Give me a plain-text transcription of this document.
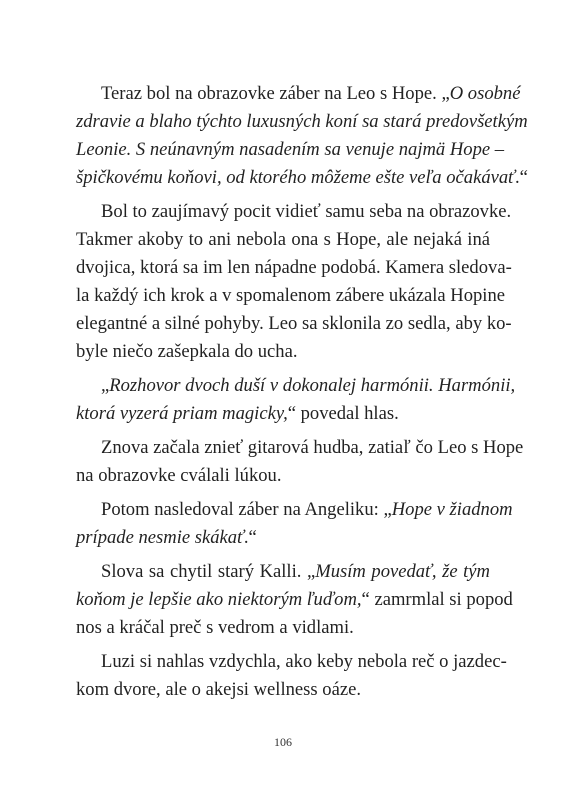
Teraz bol na obrazovke záber na Leo s Hope. „O osobné

zdravie a blaho týchto luxusných koní sa stará predovšetkým

Leonie. S neúnavným nasadením sa venuje najmä Hope –

špičkovému koňovi, od ktorého môžeme ešte veľa očakávať.“

Bol to zaujímavý pocit vidieť samu seba na obrazovke.

Takmer akoby to ani nebola ona s Hope, ale nejaká iná

dvojica, ktorá sa im len nápadne podobá. Kamera sledova-

la každý ich krok a v spomalenom zábere ukázala Hopine

elegantné a silné pohyby. Leo sa sklonila zo sedla, aby ko-

byle niečo zašepkala do ucha.

„Rozhovor dvoch duší v dokonalej harmónii. Harmónii,

ktorá vyzerá priam magicky,“ povedal hlas.

Znova začala znieť gitarová hudba, zatiaľ čo Leo s Hope

na obrazovke cválali lúkou.

Potom nasledoval záber na Angeliku: „Hope v žiadnom

prípade nesmie skákať.“

Slova sa chytil starý Kalli. „Musím povedať, že tým

koňom je lepšie ako niektorým ľuďom,“ zamrmlal si popod

nos a kráčal preč s vedrom a vidlami.

Luzi si nahlas vzdychla, ako keby nebola reč o jazdec-

kom dvore, ale o akejsi wellness oáze.

106
